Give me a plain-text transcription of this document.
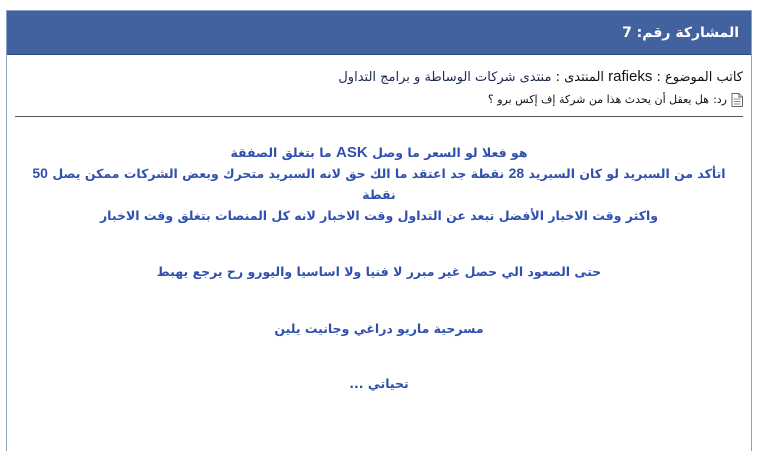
المشاركة رقم: 7
كاتب الموضوع : rafieks المنتدى : منتدى شركات الوساطة و برامج التداول
رد:
هل يعقل أن يحدث هذا من شركة إف إكس برو ؟
هو فعلا لو السعر ما وصل ASK ما بتغلق الصفقة
اتأكد من السبريد لو كان السبريد 28 نقطة جد اعتقد ما الك حق لانه السبريد متحرك وبعض الشركات ممكن يصل 50 نقطة
واكثر وقت الاخبار الأفضل تبعد عن التداول وقت الاخبار لانه كل المنصات بتغلق وقت الاخبار
حتى الصعود الي حصل غير مبرر لا فنيا ولا اساسيا واليورو رح يرجع يهبط
مسرحية ماريو دراغي وجانيت يلين
تحياتي ...
